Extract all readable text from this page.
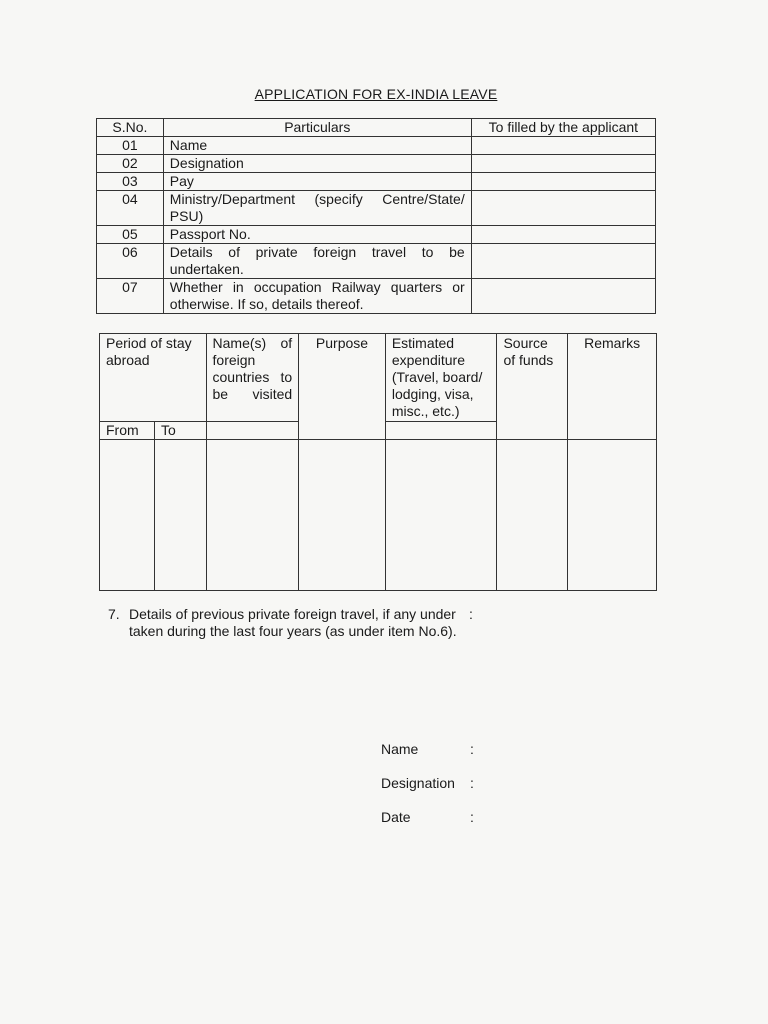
APPLICATION FOR EX-INDIA LEAVE
S.No.	Particulars	To filled by the applicant
01	Name	
02	Designation	
03	Pay	
04	Ministry/Department (specify Centre/State/ PSU)	
05	Passport No.	
06	Details of private foreign travel to be undertaken.	
07	Whether in occupation Railway quarters or otherwise. If so, details thereof.	
Period of stay abroad		Name(s) of foreign countries to be visited	Purpose	Estimated expenditure (Travel, board/ lodging, visa, misc., etc.)	Source of funds	Remarks
From	To					

7. Details of previous private foreign travel, if any under taken during the last four years (as under item No.6).
:
Name	:
Designation :
Date	:
